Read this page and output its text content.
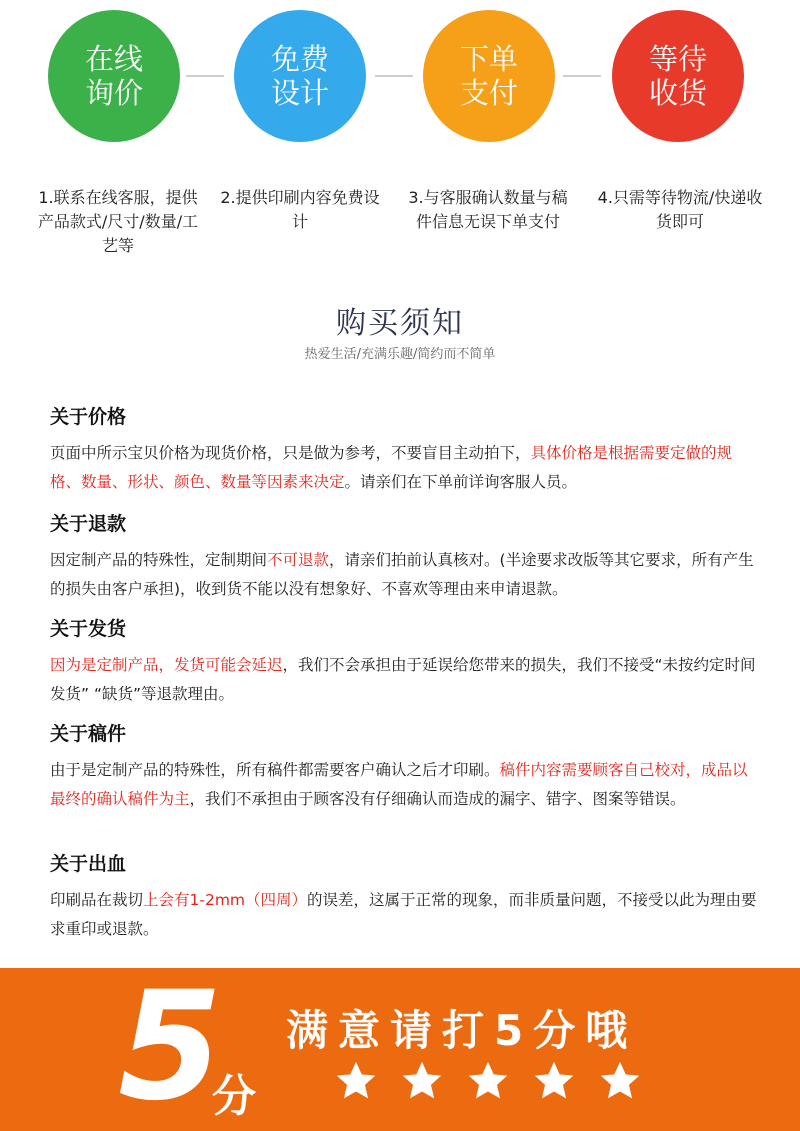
在线
询价
免费
设计
下单
支付
等待
收货
1.联系在线客服，提供产品款式/尺寸/数量/工艺等
2.提供印刷内容免费设计
3.与客服确认数量与稿件信息无误下单支付
4.只需等待物流/快递收货即可
购买须知
热爱生活/充满乐趣/简约而不简单
关于价格

页面中所示宝贝价格为现货价格，只是做为参考，不要盲目主动拍下，具体价格是根据需要定做的规格、数量、形状、颜色、数量等因素来决定。请亲们在下单前详询客服人员。

关于退款

因定制产品的特殊性，定制期间不可退款，请亲们拍前认真核对。(半途要求改版等其它要求，所有产生的损失由客户承担)，收到货不能以没有想象好、不喜欢等理由来申请退款。

关于发货

因为是定制产品，发货可能会延迟，我们不会承担由于延误给您带来的损失，我们不接受“未按约定时间发货” “缺货”等退款理由。

关于稿件

由于是定制产品的特殊性，所有稿件都需要客户确认之后才印刷。稿件内容需要顾客自己校对，成品以最终的确认稿件为主，我们不承担由于顾客没有仔细确认而造成的漏字、错字、图案等错误。

关于出血

印刷品在裁切上会有1-2mm（四周）的误差，这属于正常的现象，而非质量问题，不接受以此为理由要求重印或退款。

5
分
满意请打5分哦
